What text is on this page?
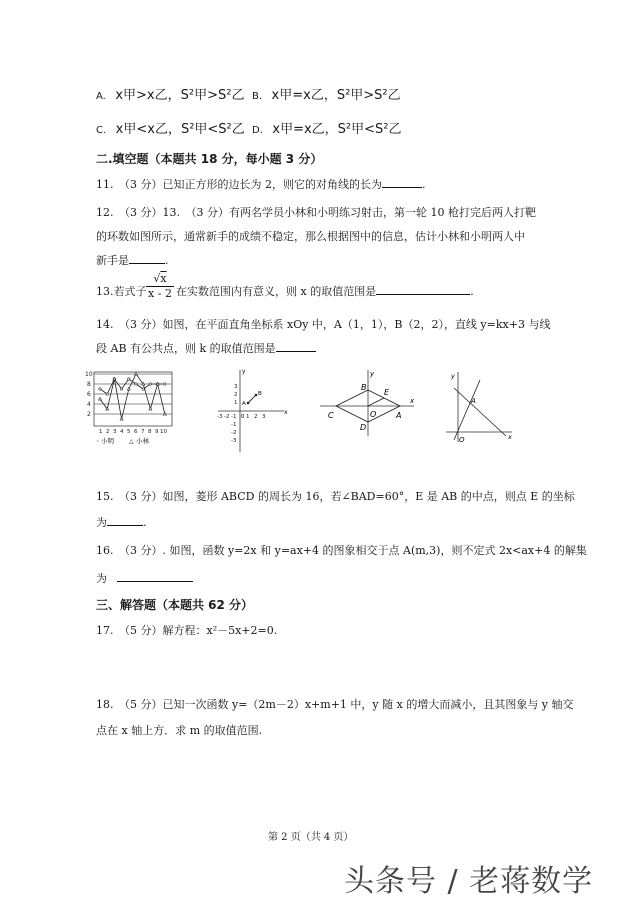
A. x甲>x乙，S²甲>S²乙 B. x甲=x乙，S²甲>S²乙
C. x甲<x乙，S²甲<S²乙 D. x甲=x乙，S²甲<S²乙
二.填空题（本题共 18 分，每小题 3 分）
11.　（3 分）已知正方形的边长为 2，则它的对角线的长为	.
12.　（3 分）13.　（3 分）有两名学员小林和小明练习射击，第一轮 10 枪打完后两人打靶
的环数如图所示，通常新手的成绩不稳定，那么根据图中的信息，估计小林和小明两人中
新手是	.
13.若式子
√x
x - 2 在实数范围内有意义，则 x 的取值范围是	.
14.　（3 分）如图，在平面直角坐标系 xOy 中，A（1，1），B（2，2），直线 y=kx+3 与线
段 AB 有公共点，则 k 的取值范围是
10
8
6
4
2
1 2 3 4 5 6 7 8 9 10
◦ 小明	△ 小林
x
y
-3 -2 -1 1 2 3
0
3
2
1
-1
-2
-3
A
B
x
y
B
E
C	O A
D
x
y
A
O
15.　（3 分）如图，菱形 ABCD 的周长为 16，若∠BAD=60°，E 是 AB 的中点，则点 E 的坐标
为	.
16.　（3 分）. 如图，函数 y=2x 和 y=ax+4 的图象相交于点 A(m,3)，则不定式 2x<ax+4 的解集
为
三、解答题（本题共 62 分）
17.　（5 分）解方程：x²－5x+2=0.
18.　（5 分）已知一次函数 y=（2m－2）x+m+1 中，y 随 x 的增大而减小，且其图象与 y 轴交
点在 x 轴上方．求 m 的取值范围.
第 2 页（共 4 页）
头条号 / 老蒋数学
